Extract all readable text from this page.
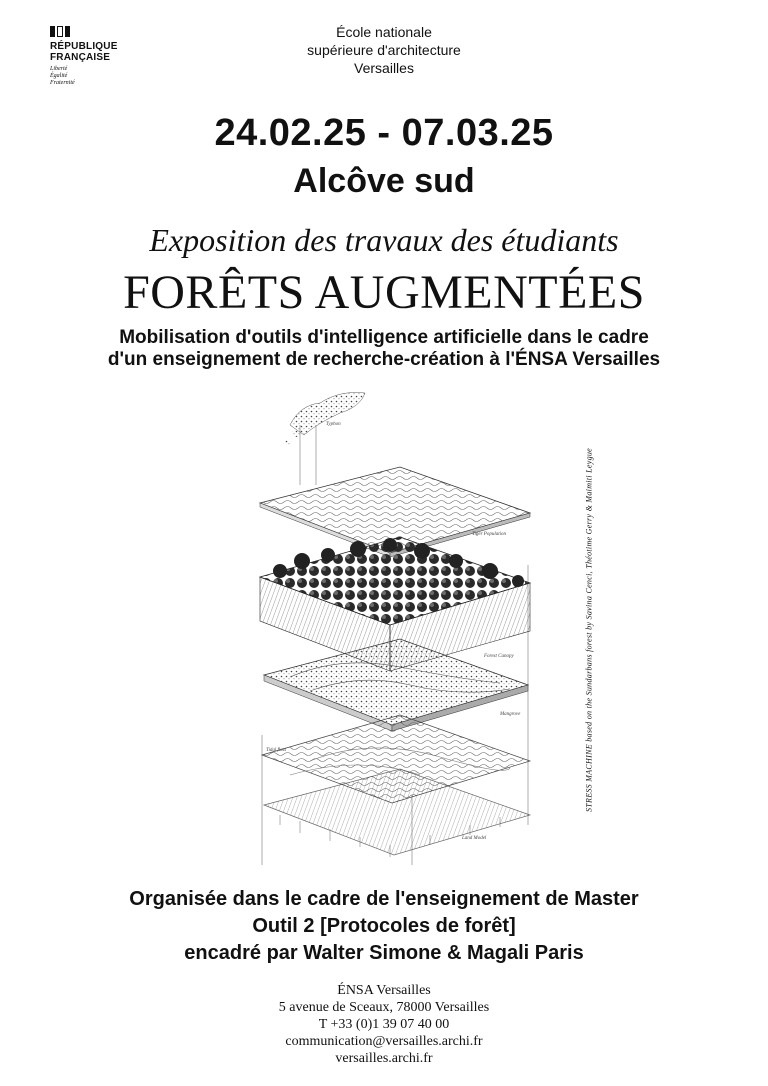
RÉPUBLIQUE
FRANÇAISE
Liberté
Égalité
Fraternité
École nationale
supérieure d'architecture
Versailles
24.02.25 - 07.03.25
Alcôve sud
Exposition des travaux des étudiants
FORÊTS AUGMENTÉES
Mobilisation d'outils d'intelligence artificielle dans le cadre
d'un enseignement de recherche-création à l'ÉNSA Versailles
Typhon
Tiger Population
Forest Canopy
Mangrove
Tidal flats
Land Model
STRESS MACHINE based on the Sundarbans forest by Savina Cenci, Théotime Gerry & Maimiti Leygue
Organisée dans le cadre de l'enseignement de Master
Outil 2 [Protocoles de forêt]
encadré par Walter Simone & Magali Paris
ÉNSA Versailles
5 avenue de Sceaux, 78000 Versailles
T +33 (0)1 39 07 40 00
communication@versailles.archi.fr
versailles.archi.fr
